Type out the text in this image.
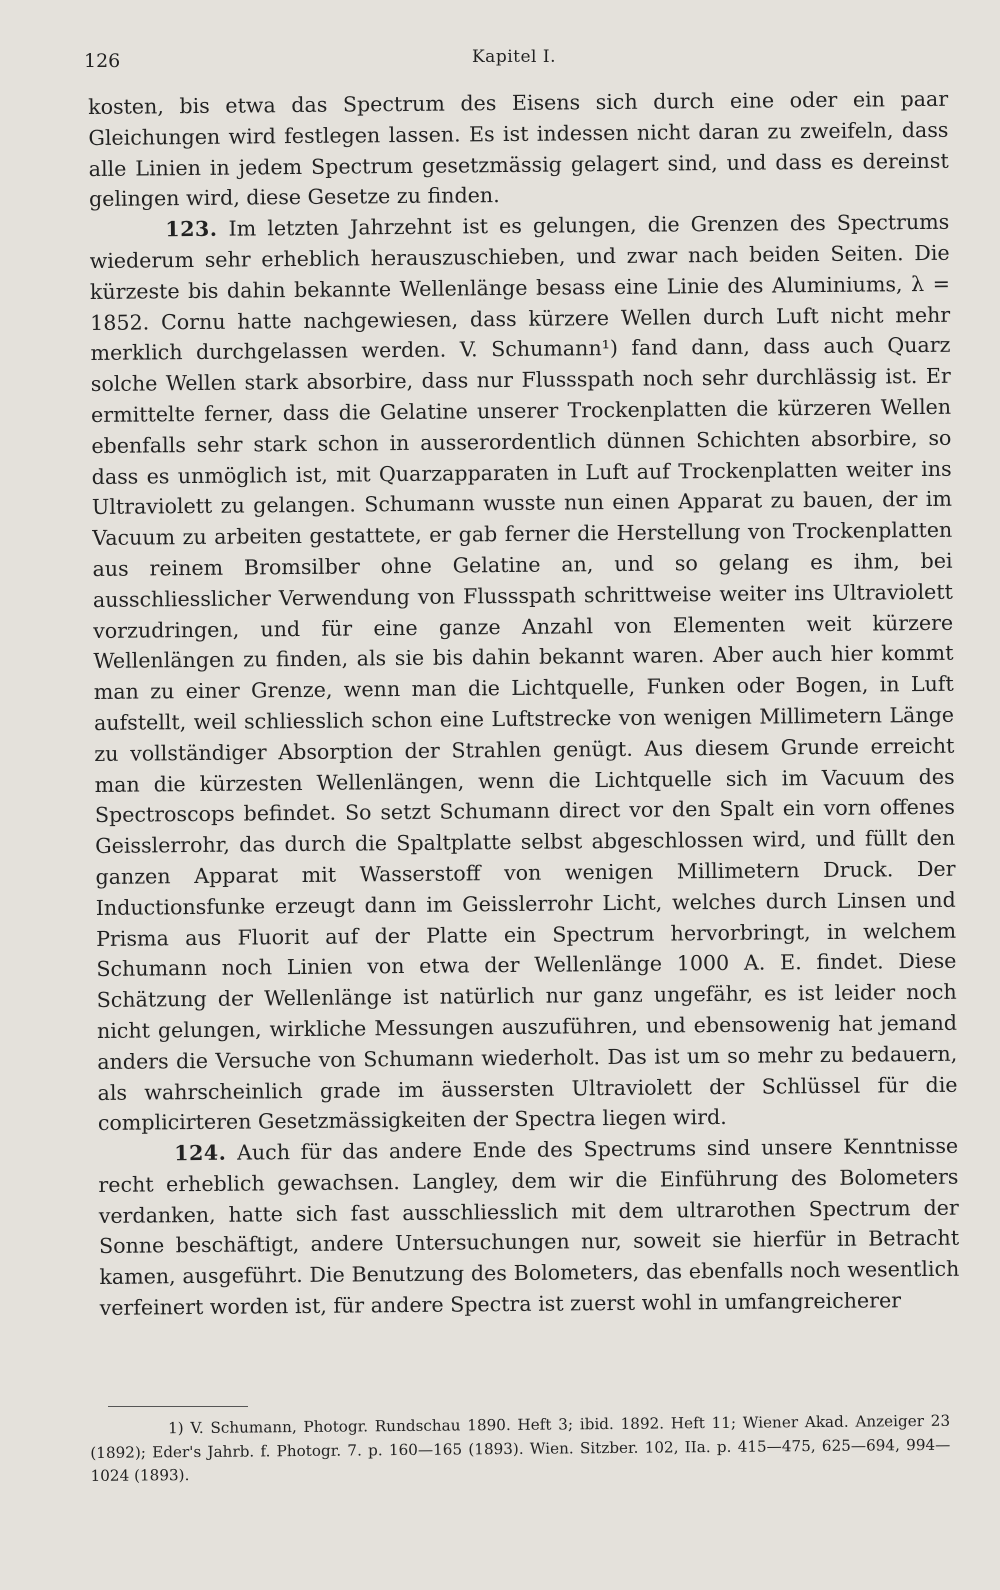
126	Kapitel I.

kosten, bis etwa das Spectrum des Eisens sich durch eine oder ein paar Gleichungen wird festlegen lassen. Es ist indessen nicht daran zu zweifeln, dass alle Linien in jedem Spectrum gesetzmässig gelagert sind, und dass es dereinst gelingen wird, diese Gesetze zu finden.

123. Im letzten Jahrzehnt ist es gelungen, die Grenzen des Spectrums wiederum sehr erheblich herauszuschieben, und zwar nach beiden Seiten. Die kürzeste bis dahin bekannte Wellenlänge besass eine Linie des Aluminiums, λ = 1852. Cornu hatte nachgewiesen, dass kürzere Wellen durch Luft nicht mehr merklich durchgelassen werden. V. Schumann¹) fand dann, dass auch Quarz solche Wellen stark absorbire, dass nur Flussspath noch sehr durchlässig ist. Er ermittelte ferner, dass die Gelatine unserer Trockenplatten die kürzeren Wellen ebenfalls sehr stark schon in ausserordentlich dünnen Schichten absorbire, so dass es unmöglich ist, mit Quarzapparaten in Luft auf Trockenplatten weiter ins Ultraviolett zu gelangen. Schumann wusste nun einen Apparat zu bauen, der im Vacuum zu arbeiten gestattete, er gab ferner die Herstellung von Trockenplatten aus reinem Bromsilber ohne Gelatine an, und so gelang es ihm, bei ausschliesslicher Verwendung von Flussspath schrittweise weiter ins Ultraviolett vorzudringen, und für eine ganze Anzahl von Elementen weit kürzere Wellenlängen zu finden, als sie bis dahin bekannt waren. Aber auch hier kommt man zu einer Grenze, wenn man die Lichtquelle, Funken oder Bogen, in Luft aufstellt, weil schliesslich schon eine Luftstrecke von wenigen Millimetern Länge zu vollständiger Absorption der Strahlen genügt. Aus diesem Grunde erreicht man die kürzesten Wellenlängen, wenn die Lichtquelle sich im Vacuum des Spectroscops befindet. So setzt Schumann direct vor den Spalt ein vorn offenes Geisslerrohr, das durch die Spaltplatte selbst abgeschlossen wird, und füllt den ganzen Apparat mit Wasserstoff von wenigen Millimetern Druck. Der Inductionsfunke erzeugt dann im Geisslerrohr Licht, welches durch Linsen und Prisma aus Fluorit auf der Platte ein Spectrum hervorbringt, in welchem Schumann noch Linien von etwa der Wellenlänge 1000 A. E. findet. Diese Schätzung der Wellenlänge ist natürlich nur ganz ungefähr, es ist leider noch nicht gelungen, wirkliche Messungen auszuführen, und ebensowenig hat jemand anders die Versuche von Schumann wiederholt. Das ist um so mehr zu bedauern, als wahrscheinlich grade im äussersten Ultraviolett der Schlüssel für die complicirteren Gesetzmässigkeiten der Spectra liegen wird.

124. Auch für das andere Ende des Spectrums sind unsere Kenntnisse recht erheblich gewachsen. Langley, dem wir die Einführung des Bolometers verdanken, hatte sich fast ausschliesslich mit dem ultrarothen Spectrum der Sonne beschäftigt, andere Untersuchungen nur, soweit sie hierfür in Betracht kamen, ausgeführt. Die Benutzung des Bolometers, das ebenfalls noch wesentlich verfeinert worden ist, für andere Spectra ist zuerst wohl in umfangreicherer

1) V. Schumann, Photogr. Rundschau 1890. Heft 3; ibid. 1892. Heft 11; Wiener Akad. Anzeiger 23 (1892); Eder's Jahrb. f. Photogr. 7. p. 160—165 (1893). Wien. Sitzber. 102, IIa. p. 415—475, 625—694, 994—1024 (1893).
